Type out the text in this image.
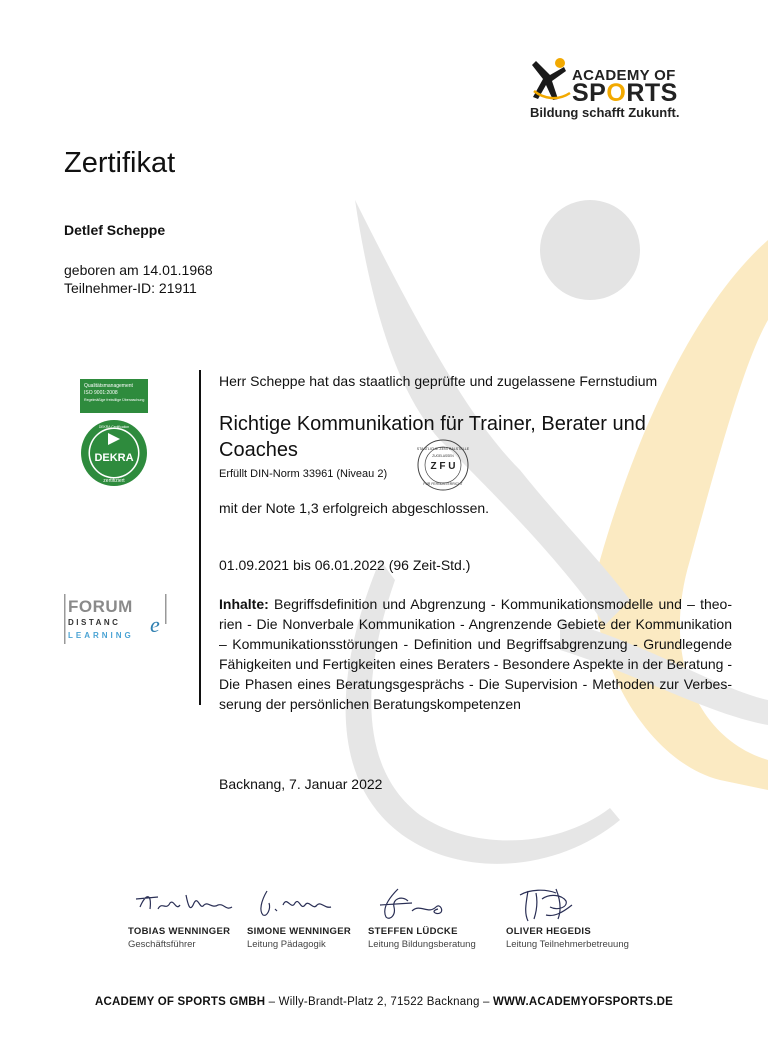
ACADEMY OF
SPORTS
Bildung schafft Zukunft.
Zertifikat
Detlef Scheppe
geboren am 14.01.1968
Teilnehmer-ID: 21911
Qualitätsmanagement
ISO 9001:2008
Regelmäßige freiwillige Überwachung
DEKRA
DEKRA Certification
zertifiziert
FORUM
DISTANC e
LEARNING
Herr Scheppe hat das staatlich geprüfte und zugelassene Fernstudium
Richtige Kommunikation für Trainer, Berater und Coaches
Erfüllt DIN-Norm 33961 (Niveau 2)
STAATLICHE ZENTRALSTELLE
ZUGELASSEN
Z F U
FÜR FERNUNTERRICHT
mit der Note 1,3 erfolgreich abgeschlossen.
01.09.2021 bis 06.01.2022 (96 Zeit-Std.)
Inhalte: Begriffsdefinition und Abgrenzung - Kommunikationsmodelle und – theo-rien - Die Nonverbale Kommunikation - Angrenzende Gebiete der Kommunikation – Kommunikationsstörungen - Definition und Begriffsabgrenzung - Grundlegende Fähigkeiten und Fertigkeiten eines Beraters - Besondere Aspekte in der Beratung - Die Phasen eines Beratungsgesprächs - Die Supervision - Methoden zur Verbes-serung der persönlichen Beratungskompetenzen
Backnang, 7. Januar 2022
TOBIAS WENNINGER
Geschäftsführer
SIMONE WENNINGER
Leitung Pädagogik
STEFFEN LÜDCKE
Leitung Bildungsberatung
OLIVER HEGEDIS
Leitung Teilnehmerbetreuung
ACADEMY OF SPORTS GMBH – Willy-Brandt-Platz 2, 71522 Backnang – WWW.ACADEMYOFSPORTS.DE
